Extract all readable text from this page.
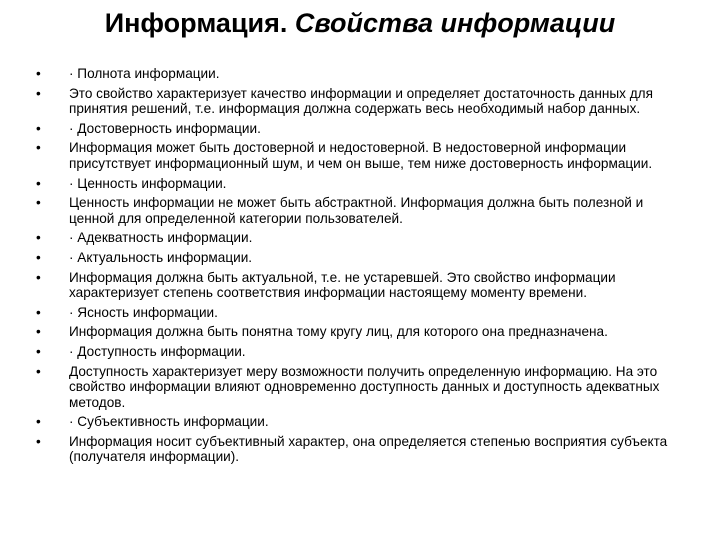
Информация. Свойства информации
• · Полнота информации.
• Это свойство характеризует качество информации и определяет достаточность данных для принятия решений, т.е. информация должна содержать весь необходимый набор данных.
• · Достоверность информации.
• Информация может быть достоверной и недостоверной. В недостоверной информации присутствует информационный шум, и чем он выше, тем ниже достоверность информации.
• · Ценность информации.
• Ценность информации не может быть абстрактной. Информация должна быть полезной и ценной для определенной категории пользователей.
• · Адекватность информации.
• · Актуальность информации.
• Информация должна быть актуальной, т.е. не устаревшей. Это свойство информации характеризует степень соответствия информации настоящему моменту времени.
• · Ясность информации.
• Информация должна быть понятна тому кругу лиц, для которого она предназначена.
• · Доступность информации.
• Доступность характеризует меру возможности получить определенную информацию. На это свойство информации влияют одновременно доступность данных и доступность адекватных методов.
• · Субъективность информации.
• Информация носит субъективный характер, она определяется степенью восприятия субъекта (получателя информации).
